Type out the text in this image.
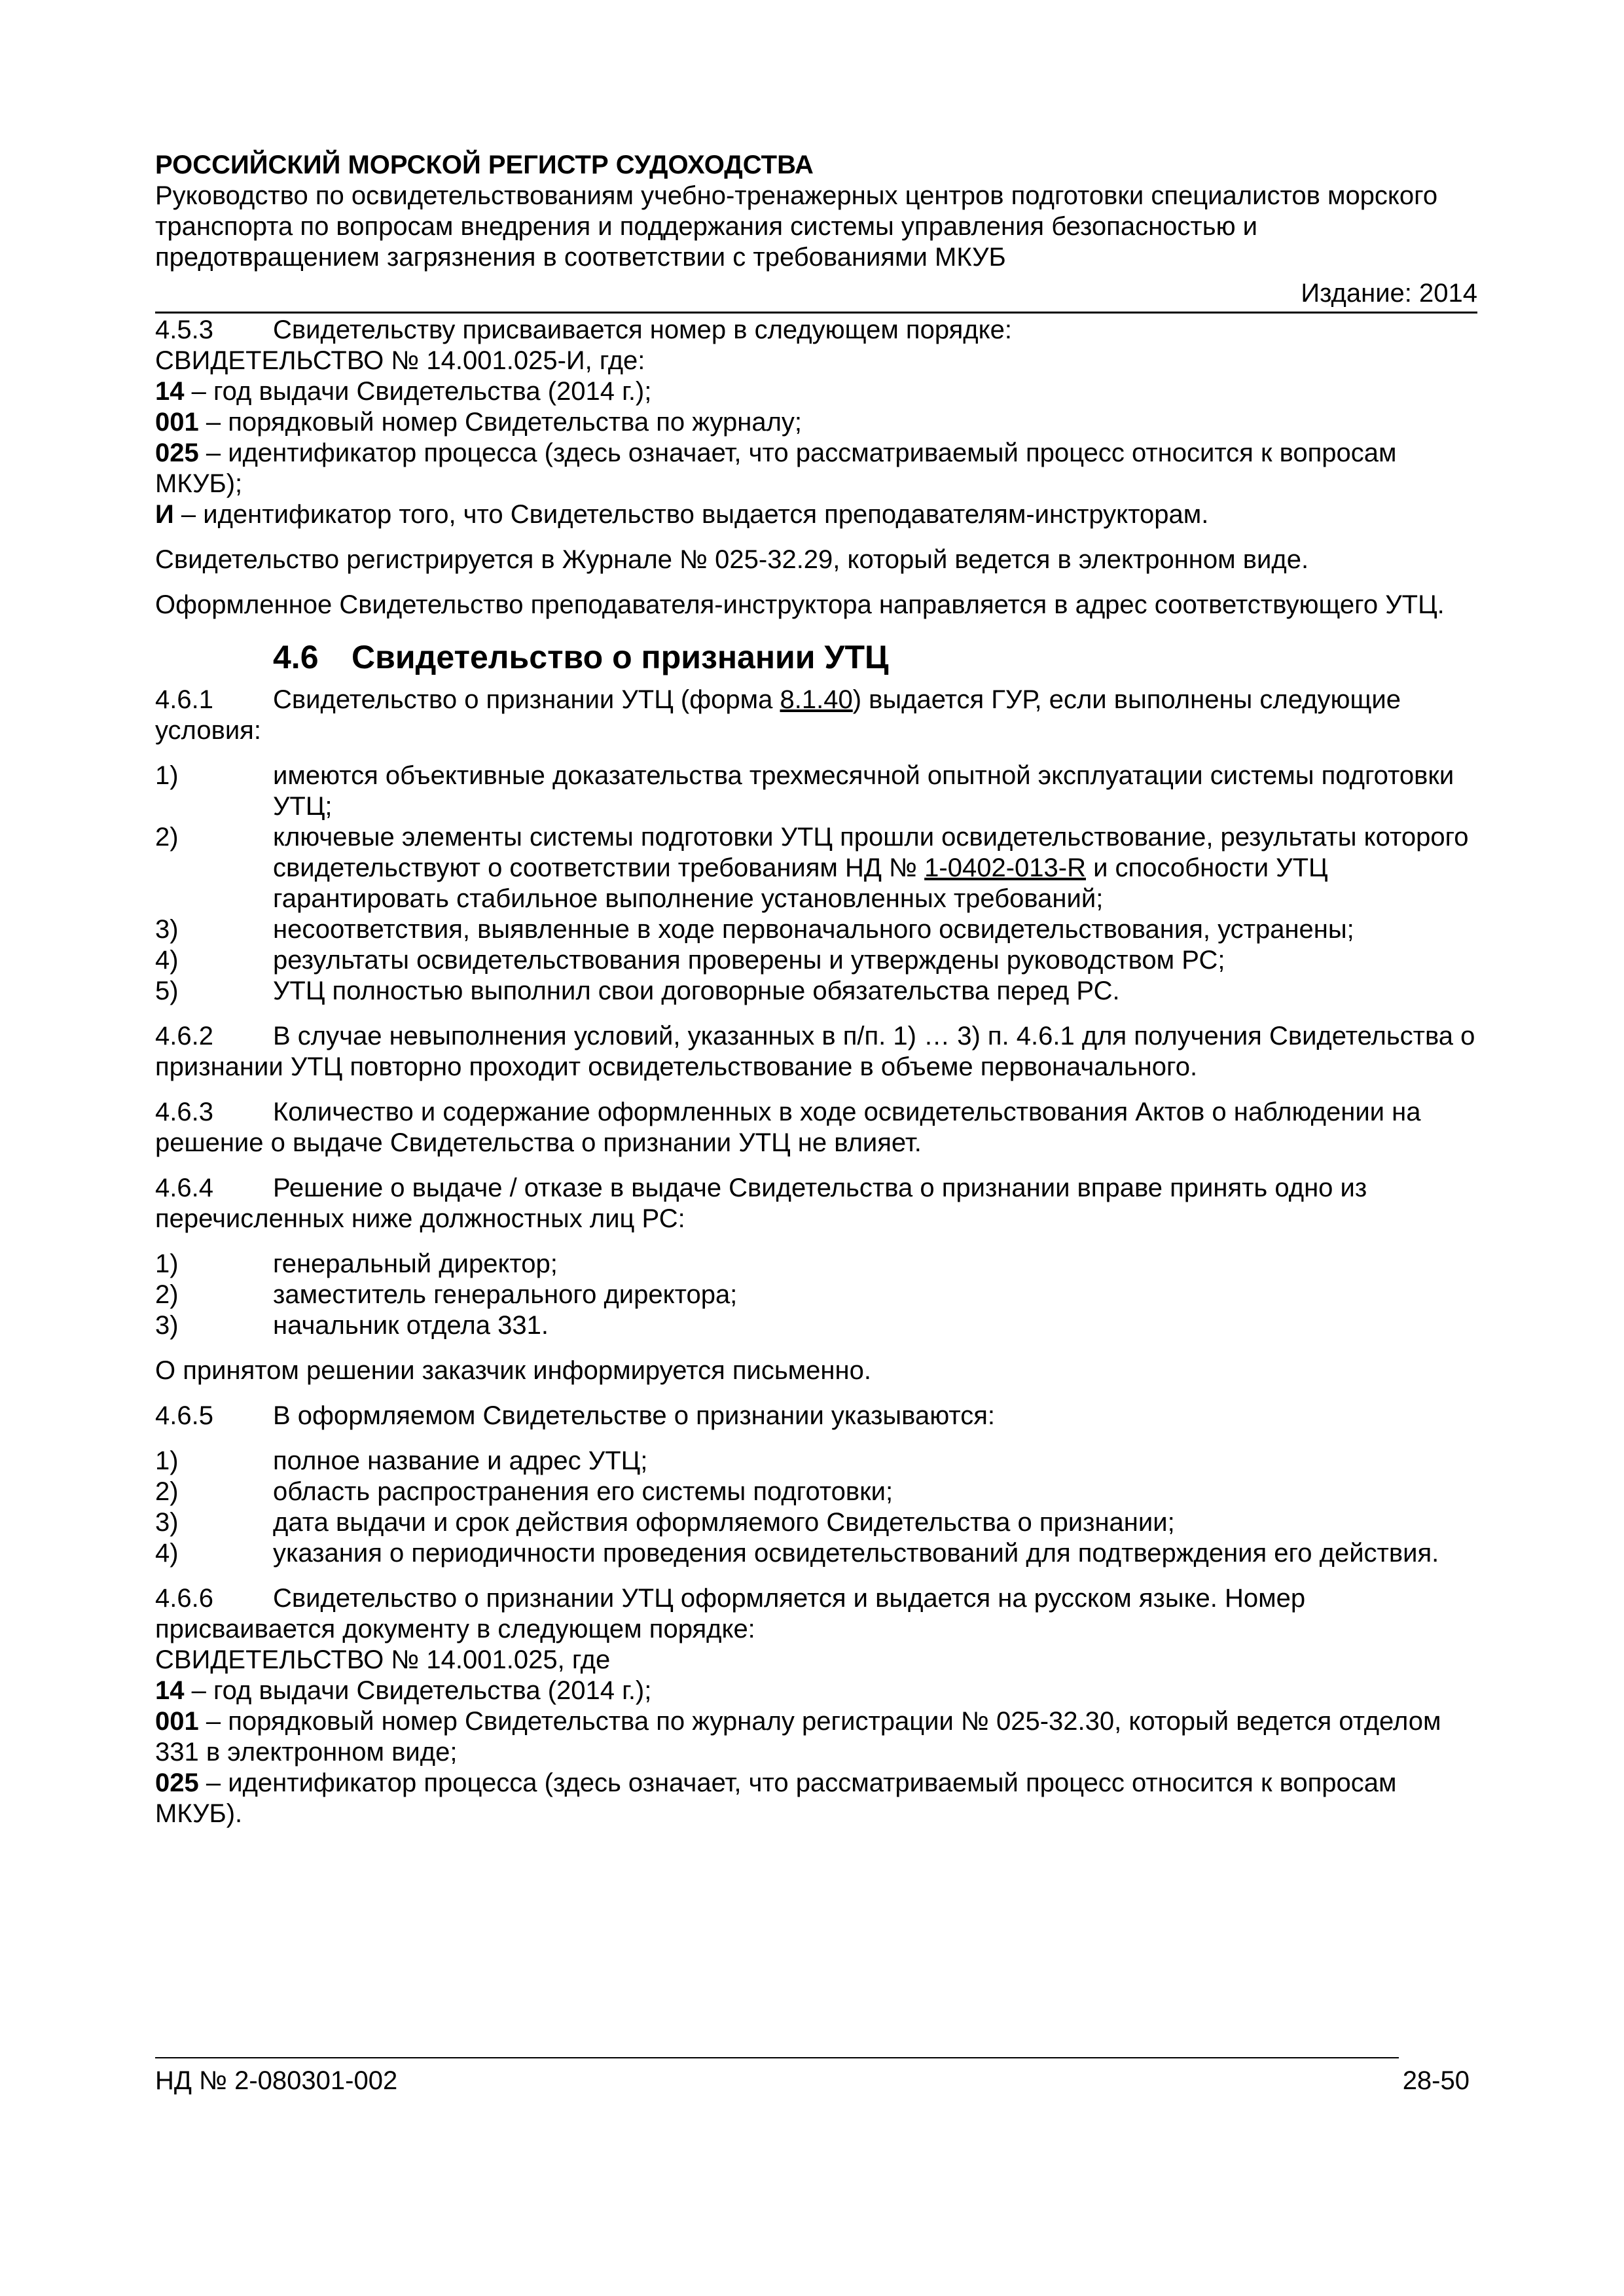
РОССИЙСКИЙ МОРСКОЙ РЕГИСТР СУДОХОДСТВА
Руководство по освидетельствованиям учебно-тренажерных центров подготовки специалистов морского транспорта по вопросам внедрения и поддержания системы управления безопасностью и предотвращением загрязнения в соответствии с требованиями МКУБ
Издание: 2014

4.5.3 Свидетельству присваивается номер в следующем порядке:

СВИДЕТЕЛЬСТВО № 14.001.025-И, где:

14 – год выдачи Свидетельства (2014 г.);

001 – порядковый номер Свидетельства по журналу;

025 – идентификатор процесса (здесь означает, что рассматриваемый процесс относится к вопросам МКУБ);

И – идентификатор того, что Свидетельство выдается преподавателям-инструкторам.

Свидетельство регистрируется в Журнале № 025-32.29, который ведется в электронном виде.

Оформленное Свидетельство преподавателя-инструктора направляется в адрес соответствующего УТЦ.

4.6 Свидетельство о признании УТЦ

4.6.1 Свидетельство о признании УТЦ (форма 8.1.40) выдается ГУР, если выполнены следующие условия:

1)	имеются объективные доказательства трехмесячной опытной эксплуатации системы подготовки УТЦ;
2)	ключевые элементы системы подготовки УТЦ прошли освидетельствование, результаты которого свидетельствуют о соответствии требованиям НД № 1-0402-013-R и способности УТЦ гарантировать стабильное выполнение установленных требований;
3)	несоответствия, выявленные в ходе первоначального освидетельствования, устранены;
4)	результаты освидетельствования проверены и утверждены руководством РС;
5)	УТЦ полностью выполнил свои договорные обязательства перед РС.

4.6.2 В случае невыполнения условий, указанных в п/п. 1) … 3) п. 4.6.1 для получения Свидетельства о признании УТЦ повторно проходит освидетельствование в объеме первоначального.

4.6.3 Количество и содержание оформленных в ходе освидетельствования Актов о наблюдении на решение о выдаче Свидетельства о признании УТЦ не влияет.

4.6.4 Решение о выдаче / отказе в выдаче Свидетельства о признании вправе принять одно из перечисленных ниже должностных лиц РС:

1)	генеральный директор;
2)	заместитель генерального директора;
3)	начальник отдела 331.

О принятом решении заказчик информируется письменно.

4.6.5 В оформляемом Свидетельстве о признании указываются:

1)	полное название и адрес УТЦ;
2)	область распространения его системы подготовки;
3)	дата выдачи и срок действия оформляемого Свидетельства о признании;
4)	указания о периодичности проведения освидетельствований для подтверждения его действия.

4.6.6 Свидетельство о признании УТЦ оформляется и выдается на русском языке. Номер присваивается документу в следующем порядке:

СВИДЕТЕЛЬСТВО № 14.001.025, где

14 – год выдачи Свидетельства (2014 г.);

001 – порядковый номер Свидетельства по журналу регистрации № 025-32.30, который ведется отделом 331 в электронном виде;

025 – идентификатор процесса (здесь означает, что рассматриваемый процесс относится к вопросам МКУБ).

НД № 2-080301-002	28-50
